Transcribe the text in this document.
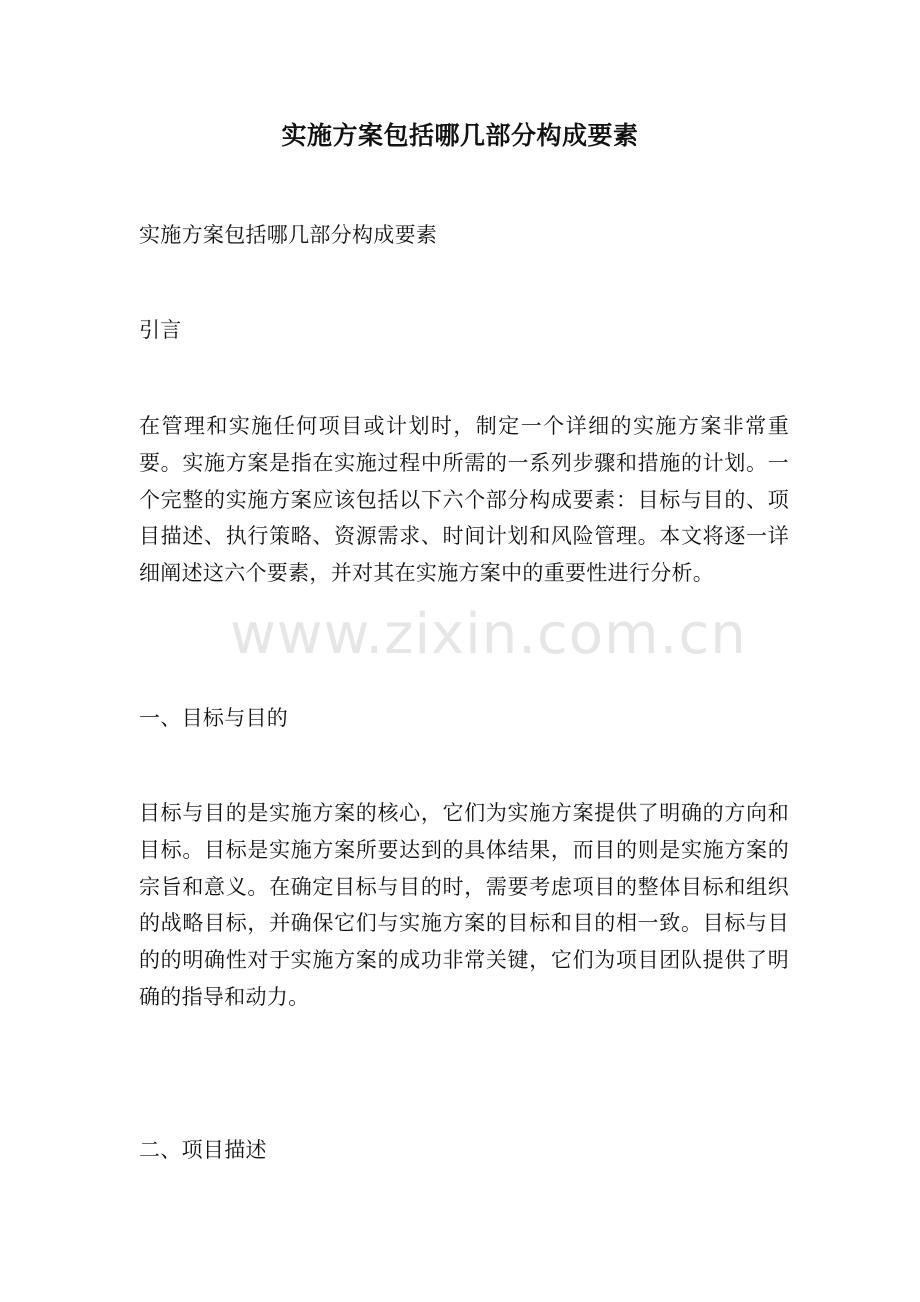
实施方案包括哪几部分构成要素
实施方案包括哪几部分构成要素
引言
在管理和实施任何项目或计划时，制定一个详细的实施方案非常重要。实施方案是指在实施过程中所需的一系列步骤和措施的计划。一个完整的实施方案应该包括以下六个部分构成要素：目标与目的、项目描述、执行策略、资源需求、时间计划和风险管理。本文将逐一详细阐述这六个要素，并对其在实施方案中的重要性进行分析。
一、目标与目的
目标与目的是实施方案的核心，它们为实施方案提供了明确的方向和目标。目标是实施方案所要达到的具体结果，而目的则是实施方案的宗旨和意义。在确定目标与目的时，需要考虑项目的整体目标和组织的战略目标，并确保它们与实施方案的目标和目的相一致。目标与目的的明确性对于实施方案的成功非常关键，它们为项目团队提供了明确的指导和动力。
二、项目描述
www.zixin.com.cn
